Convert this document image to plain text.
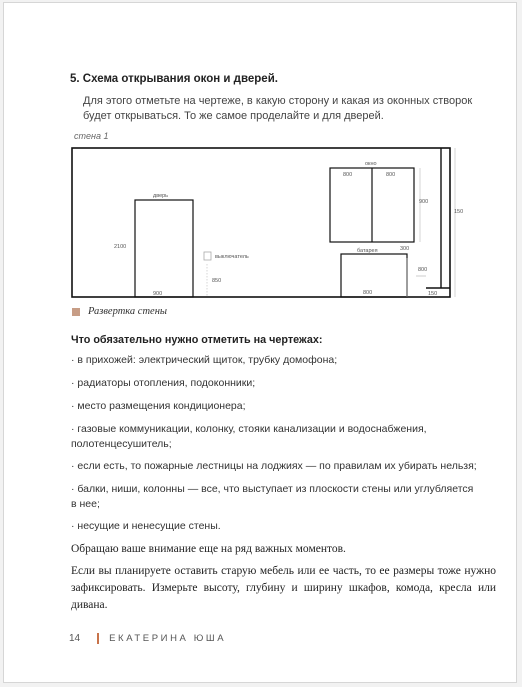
5. Схема открывания окон и дверей.

Для этого отметьте на чертеже, в какую сторону и какая из оконных створок будет открываться. То же самое проделайте и для дверей.

стена 1
дверь
2100
900
выключатель
850
окно
800	800
900
батарея	300
800
150
800
150
Развертка стены
Что обязательно нужно отметить на чертежах:
· в прихожей: электрический щиток, трубку домофона;
· радиаторы отопления, подоконники;
· место размещения кондиционера;
· газовые коммуникации, колонку, стояки канализации и водоснабжения, полотенцесушитель;
· если есть, то пожарные лестницы на лоджиях — по правилам их убирать нельзя;
· балки, ниши, колонны — все, что выступает из плоскости стены или углубляется в нее;
· несущие и ненесущие стены.

Обращаю ваше внимание еще на ряд важных моментов.

Если вы планируете оставить старую мебель или ее часть, то ее размеры тоже нужно зафиксировать. Измерьте высоту, глубину и ширину шкафов, комода, кресла или дивана.

14	ЕКАТЕРИНА ЮША
